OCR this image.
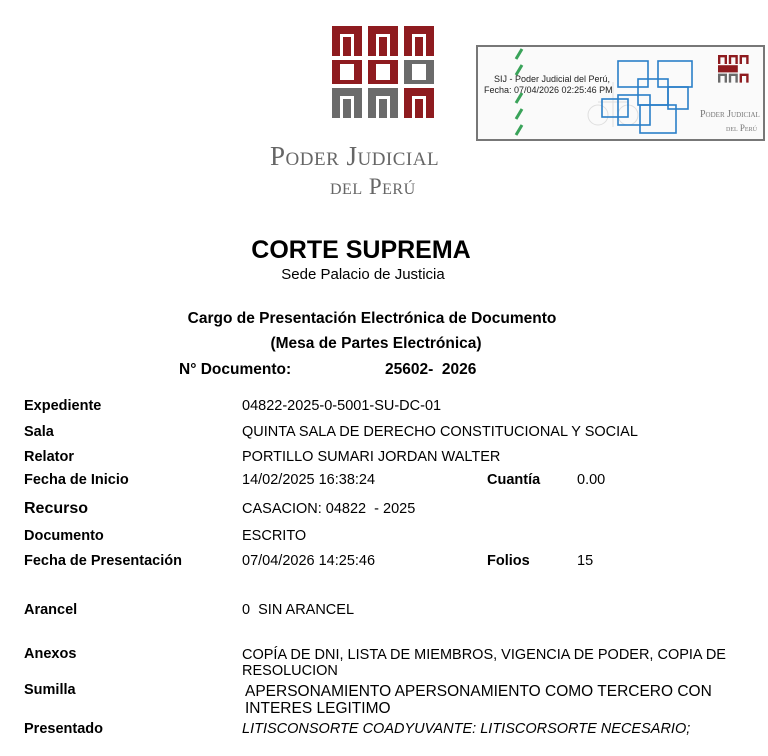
Poder Judicial
del Perú
SIJ - Poder Judicial del Perú,
Fecha: 07/04/2026 02:25:46 PM
Poder Judicial
del Perú
CORTE SUPREMA
Sede Palacio de Justicia
Cargo de Presentación Electrónica de Documento
(Mesa de Partes Electrónica)
N° Documento:	25602-  2026
Expediente	04822-2025-0-5001-SU-DC-01
Sala	QUINTA SALA DE DERECHO CONSTITUCIONAL Y SOCIAL
Relator	PORTILLO SUMARI JORDAN WALTER
Fecha de Inicio	14/02/2025 16:38:24	Cuantía	0.00
Recurso	CASACION: 04822  - 2025
Documento	ESCRITO
Fecha de Presentación	07/04/2026 14:25:46	Folios	15
Arancel	0  SIN ARANCEL
Anexos	COPÍA DE DNI, LISTA DE MIEMBROS, VIGENCIA DE PODER, COPIA DE RESOLUCION
Sumilla	APERSONAMIENTO APERSONAMIENTO COMO TERCERO CON INTERES LEGITIMO
Presentado	LITISCONSORTE COADYUVANTE: LITISCORSORTE NECESARIO;
